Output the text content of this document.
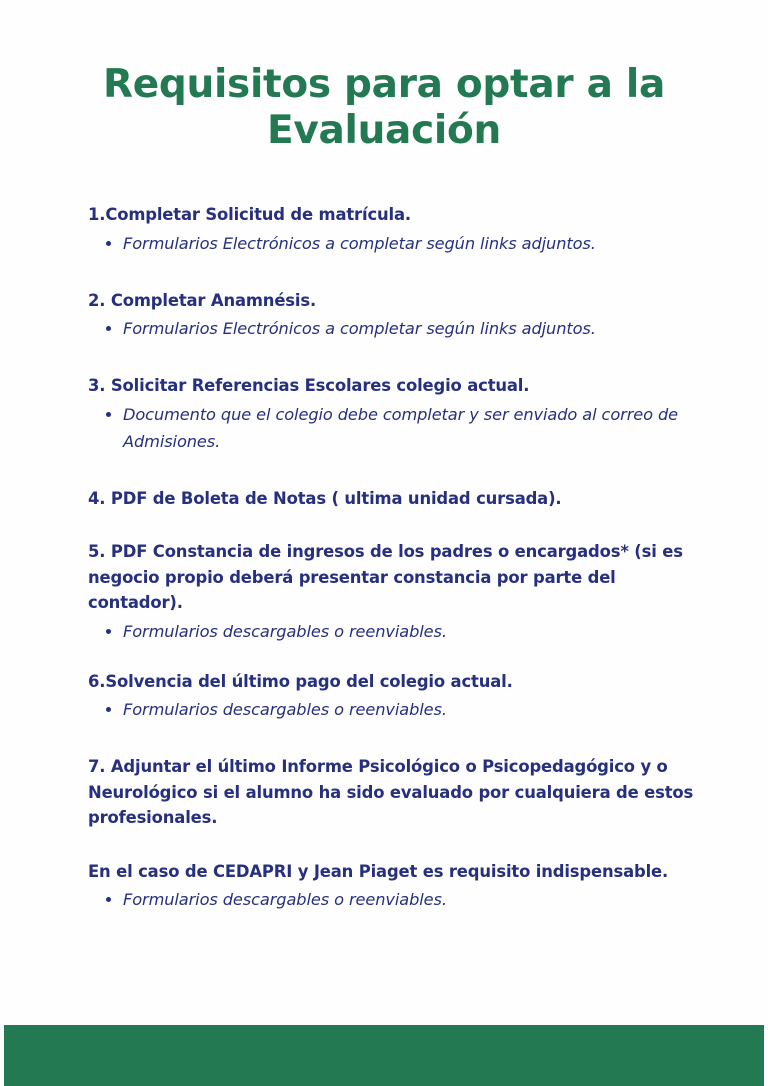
Requisitos para optar a la Evaluación

1.Completar Solicitud de matrícula.

Formularios Electrónicos a completar según links adjuntos.

2. Completar Anamnésis.

Formularios Electrónicos a completar según links adjuntos.

3. Solicitar Referencias Escolares colegio actual.

Documento que el colegio debe completar y ser enviado al correo de Admisiones.

4. PDF de Boleta de Notas ( ultima unidad cursada).

5. PDF Constancia de ingresos de los padres o encargados* (si es negocio propio deberá presentar constancia por parte del contador).

Formularios descargables o reenviables.

6.Solvencia del último pago del colegio actual.

Formularios descargables o reenviables.

7. Adjuntar el último Informe Psicológico o Psicopedagógico y o Neurológico si el alumno ha sido evaluado por cualquiera de estos profesionales.

En el caso de CEDAPRI y Jean Piaget es requisito indispensable.

Formularios descargables o reenviables.
